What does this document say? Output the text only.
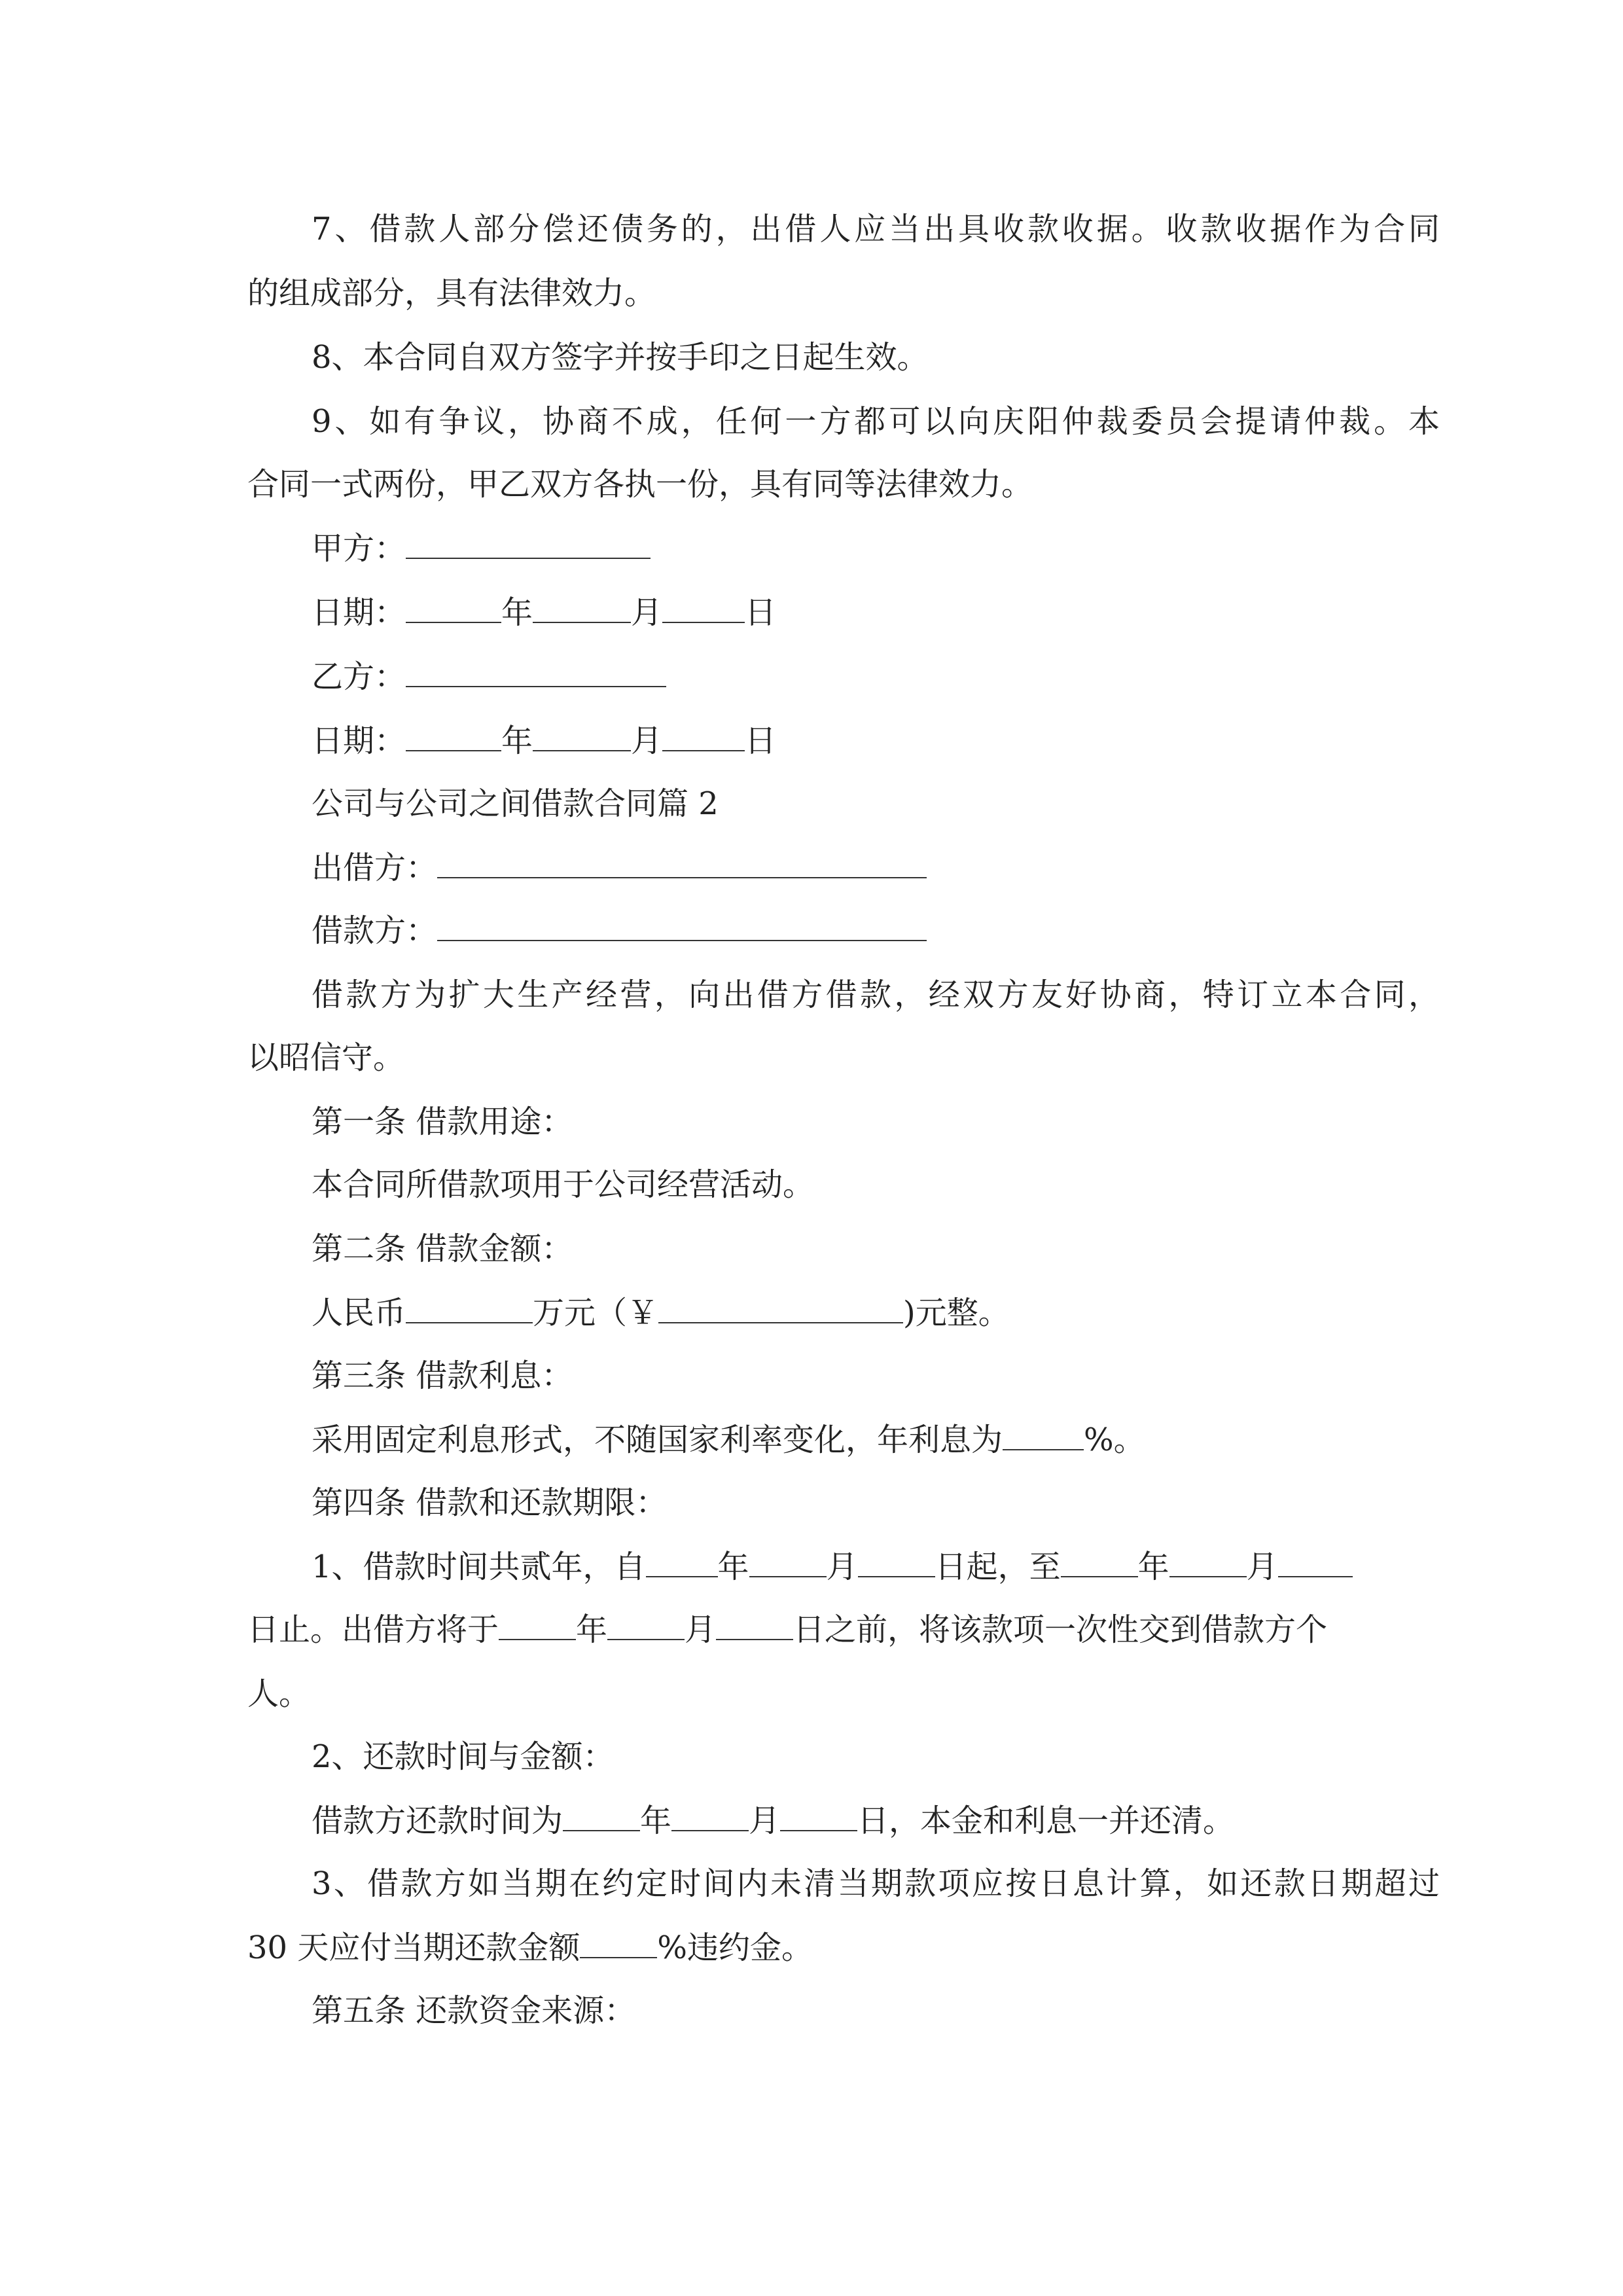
7、借款人部分偿还债务的，出借人应当出具收款收据。收款收据作为合同
的组成部分，具有法律效力。
8、本合同自双方签字并按手印之日起生效。
9、如有争议，协商不成，任何一方都可以向庆阳仲裁委员会提请仲裁。本
合同一式两份，甲乙双方各执一份，具有同等法律效力。
甲方：
日期：	年	月	日
乙方：
日期：	年	月	日
公司与公司之间借款合同篇 2
出借方：
借款方：
借款方为扩大生产经营，向出借方借款，经双方友好协商，特订立本合同，
以昭信守。
第一条 借款用途：
本合同所借款项用于公司经营活动。
第二条 借款金额：
人民币	万元（￥	)元整。
第三条 借款利息：
采用固定利息形式，不随国家利率变化，年利息为	%。
第四条 借款和还款期限：
1、借款时间共贰年，自 年 月 日起，至 年 月
日止。出借方将于 年 月 日之前，将该款项一次性交到借款方个
人。
2、还款时间与金额：
借款方还款时间为 年 月 日，本金和利息一并还清。
3、借款方如当期在约定时间内未清当期款项应按日息计算，如还款日期超过
30 天应付当期还款金额 %违约金。
第五条 还款资金来源：
